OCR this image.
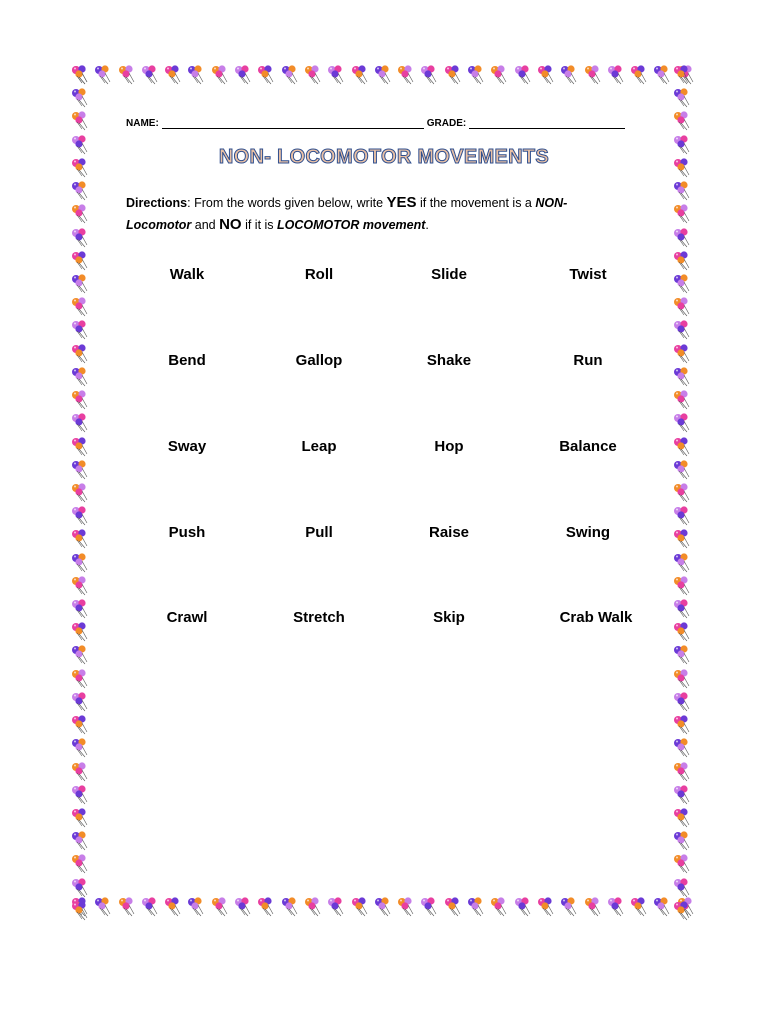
NAME:	GRADE:
NON- LOCOMOTOR MOVEMENTS
Directions: From the words given below, write YES if the movement is a NON-
Locomotor and NO if it is LOCOMOTOR movement.
Walk	Roll	Slide	Twist
Bend	Gallop	Shake	Run
Sway	Leap	Hop	Balance
Push	Pull	Raise	Swing
Crawl	Stretch	Skip	Crab Walk
